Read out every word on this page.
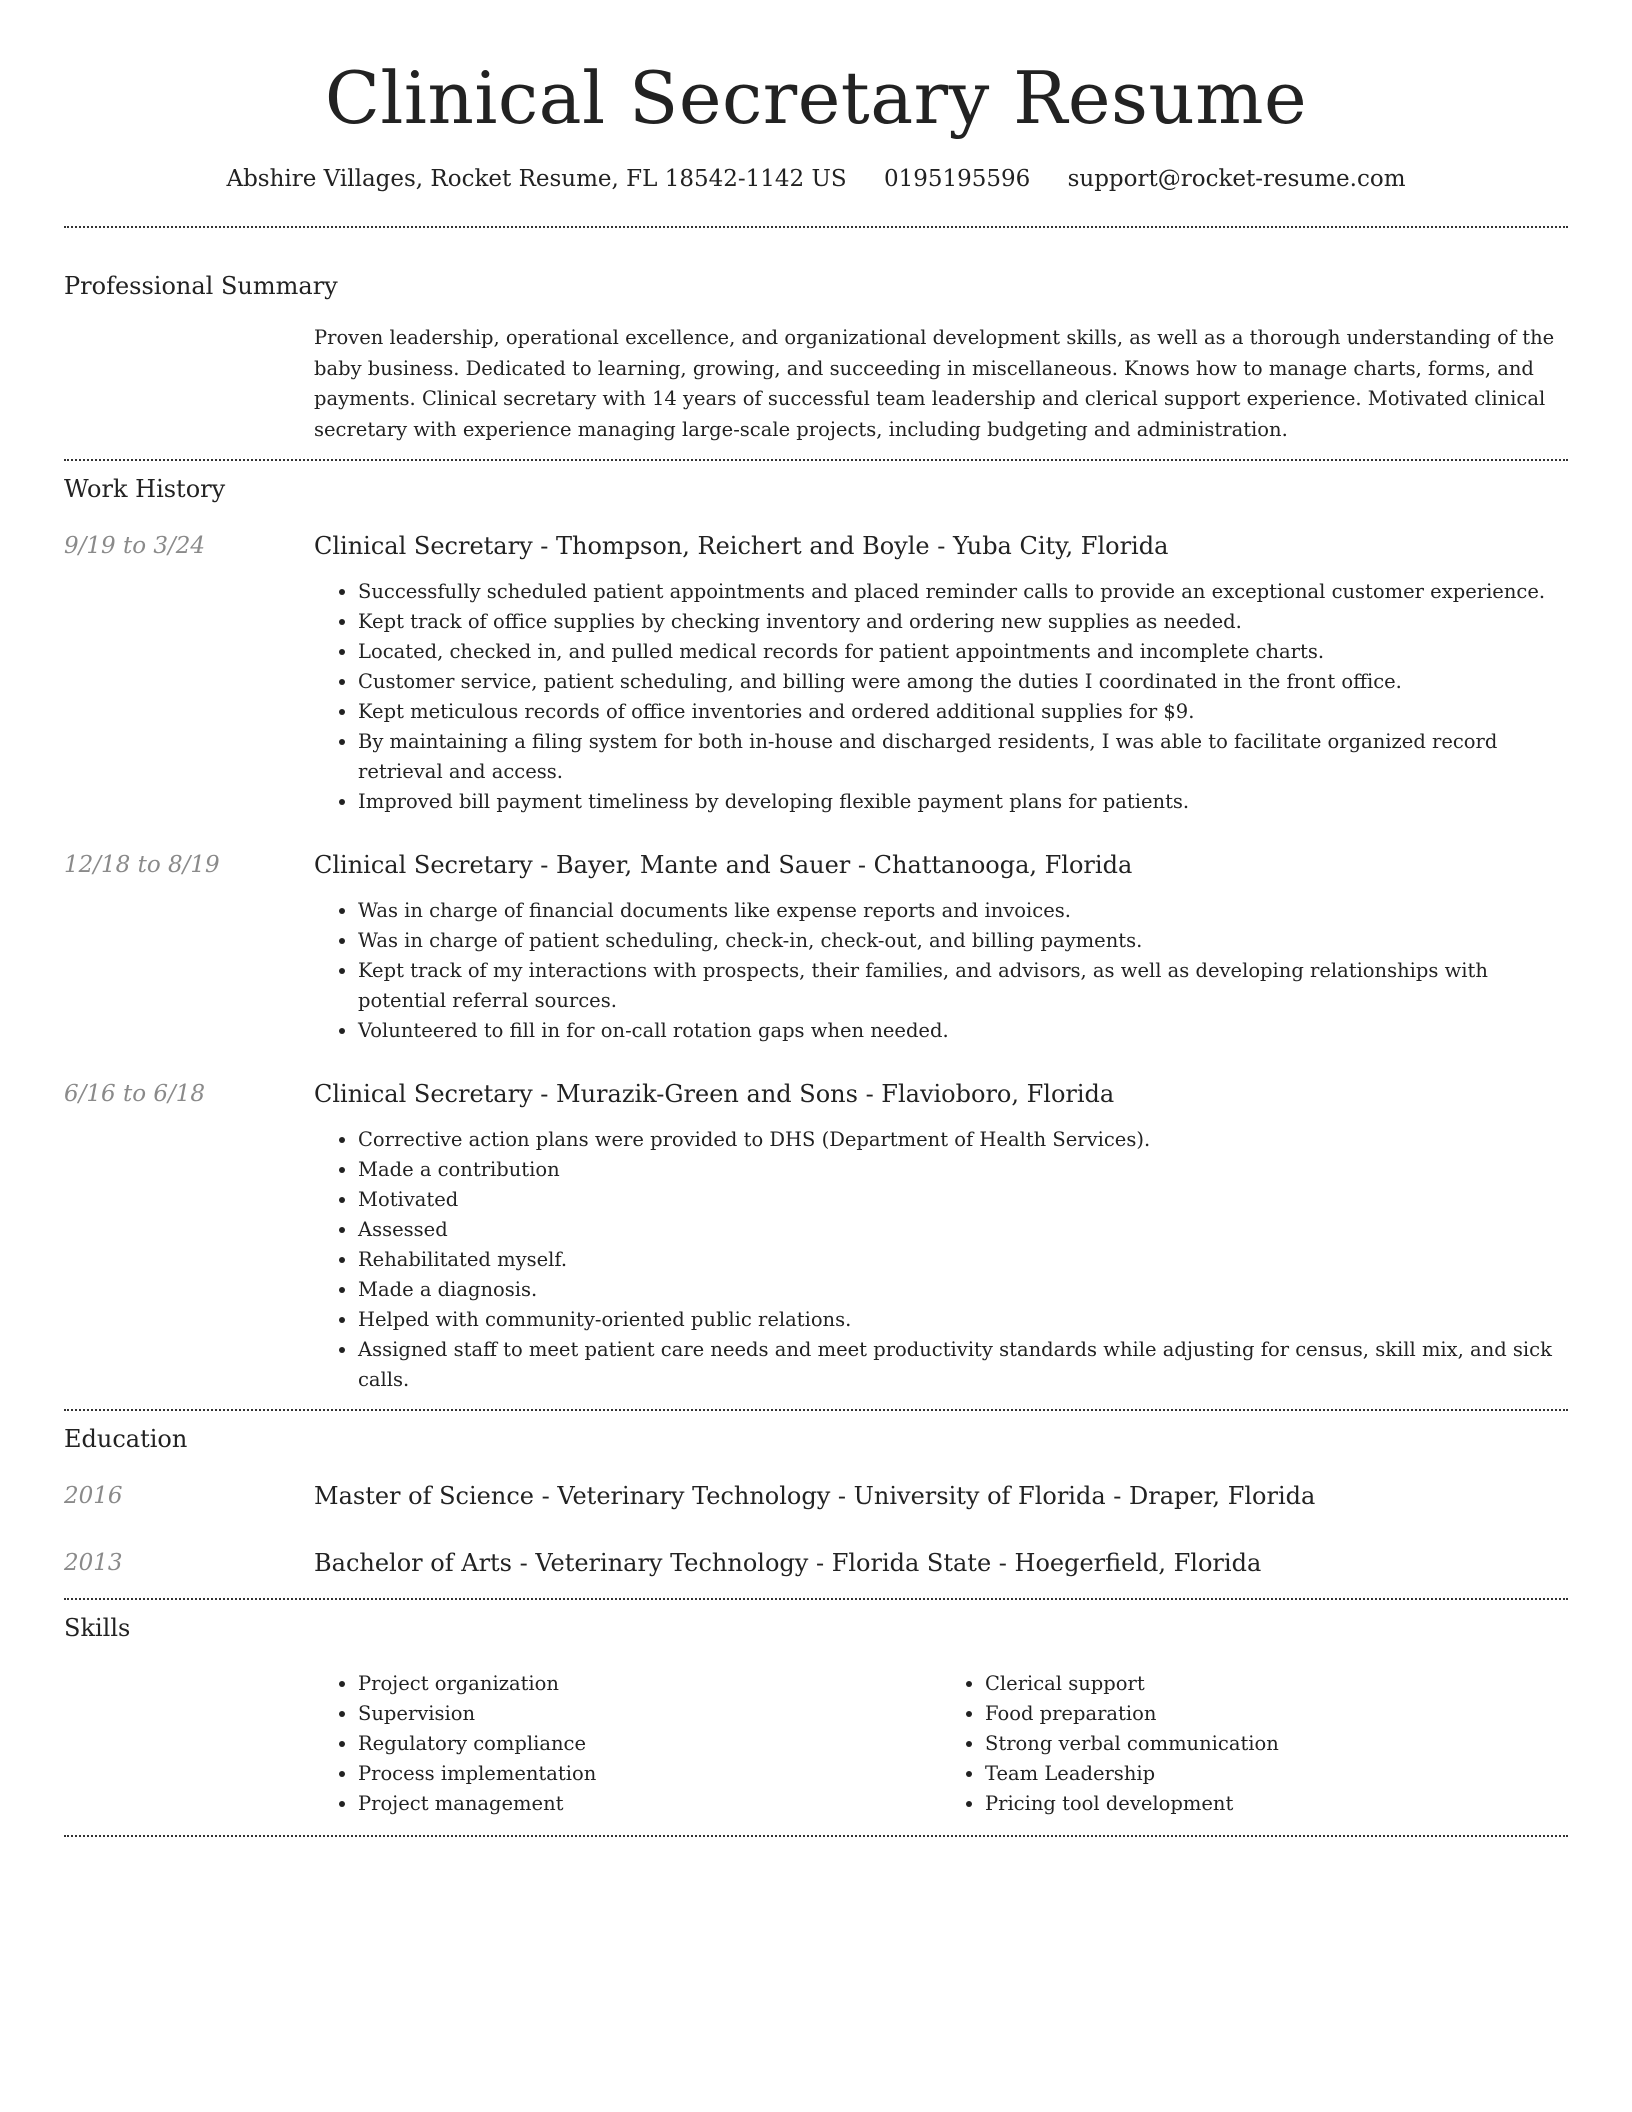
Clinical Secretary Resume
Abshire Villages, Rocket Resume, FL 18542-1142 US 0195195596 support@rocket-resume.com
Professional Summary
Proven leadership, operational excellence, and organizational development skills, as well as a thorough understanding of the baby business. Dedicated to learning, growing, and succeeding in miscellaneous. Knows how to manage charts, forms, and payments. Clinical secretary with 14 years of successful team leadership and clerical support experience. Motivated clinical secretary with experience managing large-scale projects, including budgeting and administration.
Work History
9/19 to 3/24	Clinical Secretary - Thompson, Reichert and Boyle - Yuba City, Florida
• Successfully scheduled patient appointments and placed reminder calls to provide an exceptional customer experience.
• Kept track of office supplies by checking inventory and ordering new supplies as needed.
• Located, checked in, and pulled medical records for patient appointments and incomplete charts.
• Customer service, patient scheduling, and billing were among the duties I coordinated in the front office.
• Kept meticulous records of office inventories and ordered additional supplies for $9.
• By maintaining a filing system for both in-house and discharged residents, I was able to facilitate organized record retrieval and access.
• Improved bill payment timeliness by developing flexible payment plans for patients.
12/18 to 8/19	Clinical Secretary - Bayer, Mante and Sauer - Chattanooga, Florida
• Was in charge of financial documents like expense reports and invoices.
• Was in charge of patient scheduling, check-in, check-out, and billing payments.
• Kept track of my interactions with prospects, their families, and advisors, as well as developing relationships with potential referral sources.
• Volunteered to fill in for on-call rotation gaps when needed.
6/16 to 6/18	Clinical Secretary - Murazik-Green and Sons - Flavioboro, Florida
• Corrective action plans were provided to DHS (Department of Health Services).
• Made a contribution
• Motivated
• Assessed
• Rehabilitated myself.
• Made a diagnosis.
• Helped with community-oriented public relations.
• Assigned staff to meet patient care needs and meet productivity standards while adjusting for census, skill mix, and sick calls.
Education
2016	Master of Science - Veterinary Technology - University of Florida - Draper, Florida
2013	Bachelor of Arts - Veterinary Technology - Florida State - Hoegerfield, Florida
Skills
• Project organization
• Supervision
• Regulatory compliance
• Process implementation
• Project management
• Clerical support
• Food preparation
• Strong verbal communication
• Team Leadership
• Pricing tool development
